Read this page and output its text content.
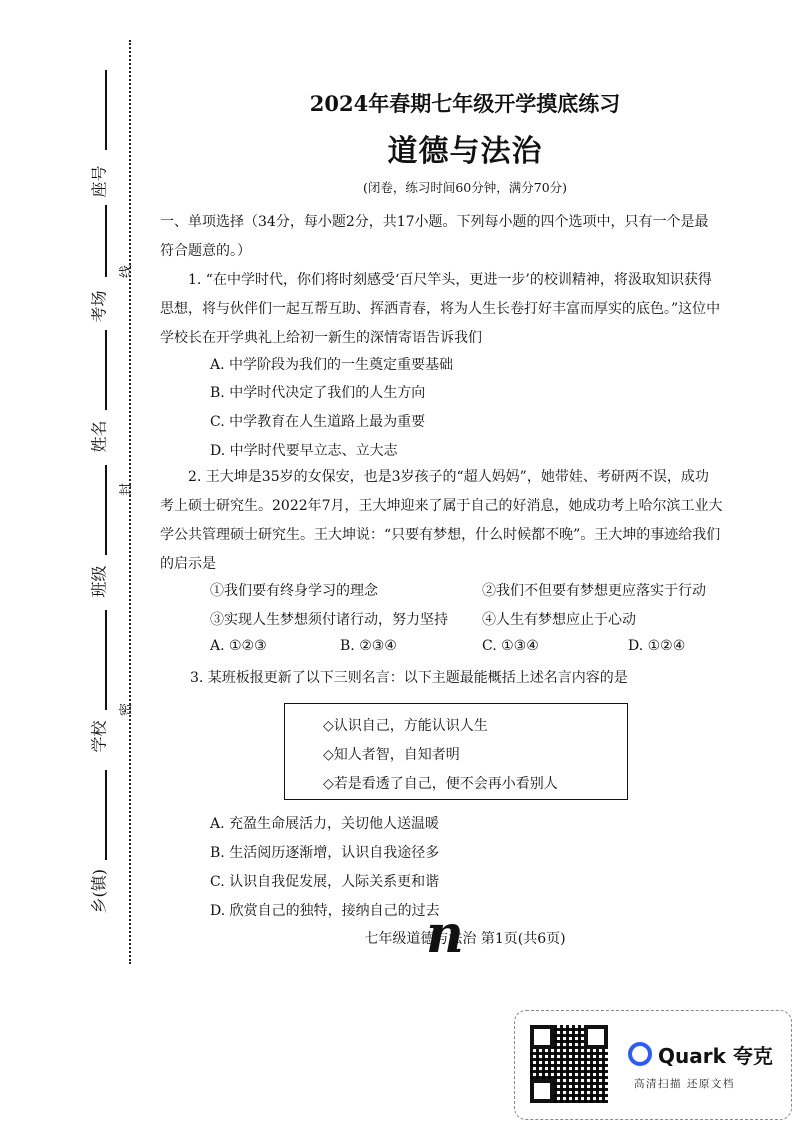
座号
考场
姓名
班级
学校
乡(镇)
线
封
密
2024年春期七年级开学摸底练习
道德与法治
(闭卷，练习时间60分钟，满分70分)
一、单项选择（34分，每小题2分，共17小题。下列每小题的四个选项中，只有一个是最
符合题意的。）
1. “在中学时代，你们将时刻感受‘百尺竿头，更进一步’的校训精神，将汲取知识获得
思想，将与伙伴们一起互帮互助、挥洒青春，将为人生长卷打好丰富而厚实的底色。”这位中
学校长在开学典礼上给初一新生的深情寄语告诉我们
A. 中学阶段为我们的一生奠定重要基础
B. 中学时代决定了我们的人生方向
C. 中学教育在人生道路上最为重要
D. 中学时代要早立志、立大志
2. 王大坤是35岁的女保安，也是3岁孩子的“超人妈妈”，她带娃、考研两不误，成功
考上硕士研究生。2022年7月，王大坤迎来了属于自己的好消息，她成功考上哈尔滨工业大
学公共管理硕士研究生。王大坤说：“只要有梦想，什么时候都不晚”。王大坤的事迹给我们
的启示是
①我们要有终身学习的理念	②我们不但要有梦想更应落实于行动
③实现人生梦想须付诸行动，努力坚持 ④人生有梦想应止于心动
A. ①②③	B. ②③④	C. ①③④	D. ①②④
3. 某班板报更新了以下三则名言：以下主题最能概括上述名言内容的是
◇认识自己，方能认识人生
◇知人者智，自知者明
◇若是看透了自己，便不会再小看别人
A. 充盈生命展活力，关切他人送温暖
B. 生活阅历逐渐增，认识自我途径多
C. 认识自我促发展，人际关系更和谐
D. 欣赏自己的独特，接纳自己的过去
七年级道德与法治 第1页(共6页)
n
Quark 夸克
高清扫描 还原文档
